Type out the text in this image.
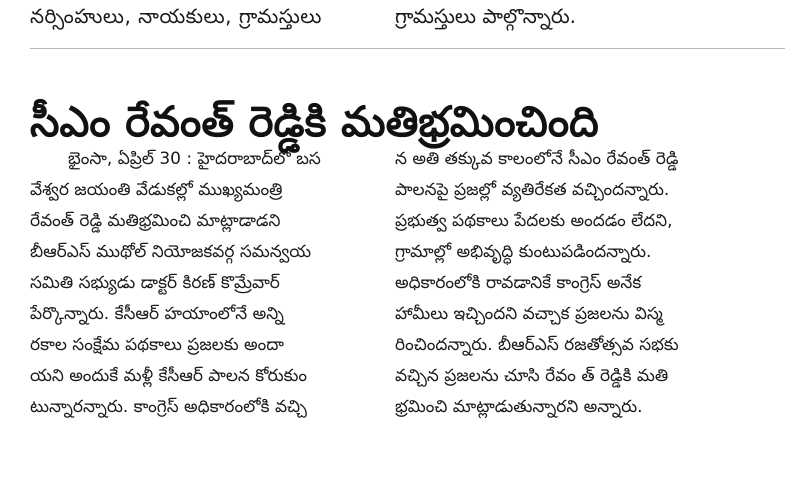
నర్సింహులు, నాయకులు, గ్రామస్తులు	గ్రామస్తులు పాల్గొన్నారు.
సీఎం రేవంత్ రెడ్డికి మతిభ్రమించింది
భైంసా, ఏప్రిల్ 30 : హైదరాబాద్‌లో బస
వేశ్వర జయంతి వేడుకల్లో ముఖ్యమంత్రి
రేవంత్ రెడ్డి మతిభ్రమించి మాట్లాడాడని
బీఆర్‌ఎస్ ముథోల్ నియోజకవర్గ సమన్వయ
సమితి సభ్యుడు డాక్టర్ కిరణ్ కొమ్రేవార్
పేర్కొన్నారు. కేసీఆర్ హయాంలోనే అన్ని
రకాల సంక్షేమ పథకాలు ప్రజలకు అందా
యని అందుకే మళ్లీ కేసీఆర్ పాలన కోరుకుం
టున్నారన్నారు. కాంగ్రెస్ అధికారంలోకి వచ్చి
న అతి తక్కువ కాలంలోనే సీఎం రేవంత్ రెడ్డి
పాలనపై ప్రజల్లో వ్యతిరేకత వచ్చిందన్నారు.
ప్రభుత్వ పథకాలు పేదలకు అందడం లేదని,
గ్రామాల్లో అభివృద్ధి కుంటుపడిందన్నారు.
అధికారంలోకి రావడానికే కాంగ్రెస్ అనేక
హామీలు ఇచ్చిందని వచ్చాక ప్రజలను విస్మ
రించిందన్నారు. బీఆర్‌ఎస్ రజతోత్సవ సభకు
వచ్చిన ప్రజలను చూసి రేవం త్ రెడ్డికి మతి
భ్రమించి మాట్లాడుతున్నారని అన్నారు.
